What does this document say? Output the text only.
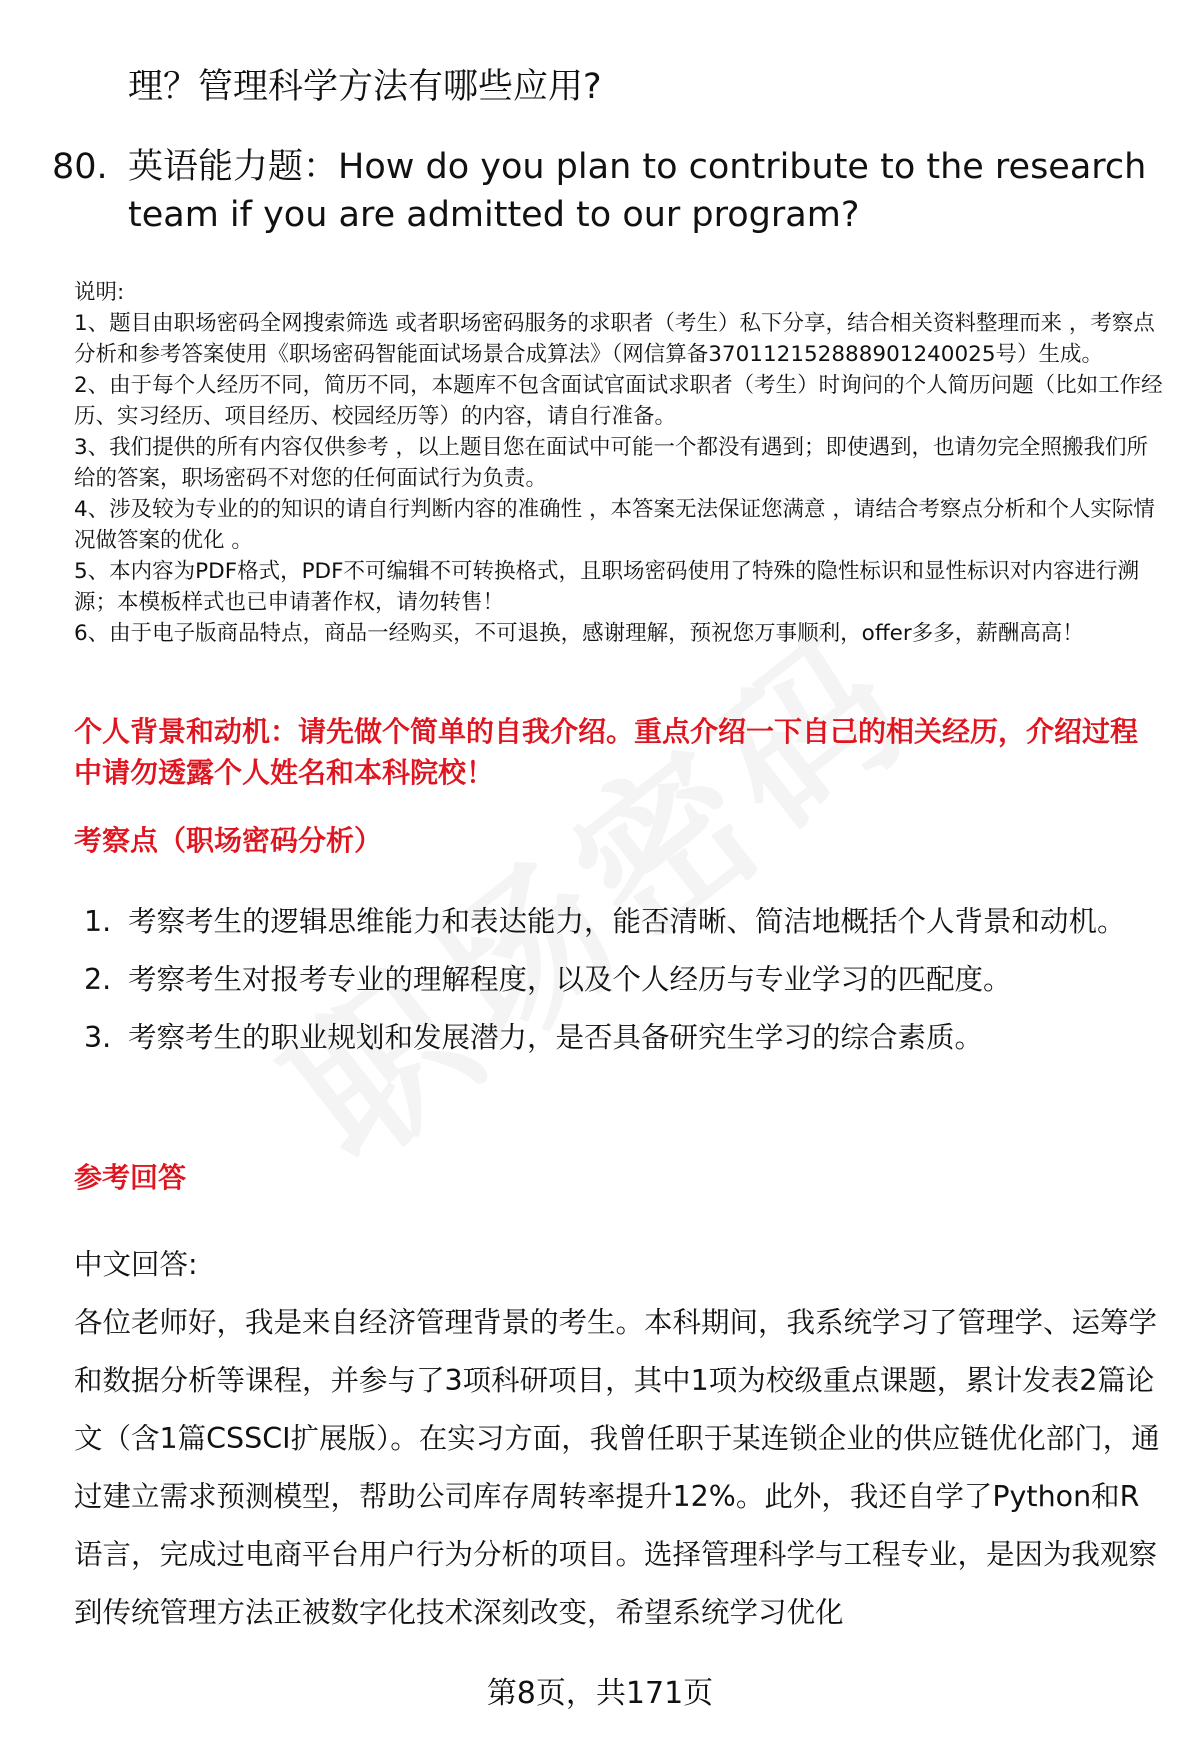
理？管理科学方法有哪些应用?
80. 英语能力题：How do you plan to contribute to the research team if you are admitted to our program?

说明:

1、题目由职场密码全网搜索筛选 或者职场密码服务的求职者（考生）私下分享，结合相关资料整理而来 ，考察点分析和参考答案使用《职场密码智能面试场景合成算法》（网信算备370112152888901240025号）生成。

2、由于每个人经历不同，简历不同，本题库不包含面试官面试求职者（考生）时询问的个人简历问题（比如工作经历、实习经历、项目经历、校园经历等）的内容，请自行准备。

3、我们提供的所有内容仅供参考 ，以上题目您在面试中可能一个都没有遇到；即使遇到，也请勿完全照搬我们所给的答案，职场密码不对您的任何面试行为负责。

4、涉及较为专业的的知识的请自行判断内容的准确性 ，本答案无法保证您满意 ，请结合考察点分析和个人实际情况做答案的优化 。

5、本内容为PDF格式，PDF不可编辑不可转换格式，且职场密码使用了特殊的隐性标识和显性标识对内容进行溯源；本模板样式也已申请著作权，请勿转售！

6、由于电子版商品特点，商品一经购买，不可退换，感谢理解，预祝您万事顺利，offer多多，薪酬高高！

个人背景和动机：请先做个简单的自我介绍。重点介绍一下自己的相关经历，介绍过程中请勿透露个人姓名和本科院校！
考察点（职场密码分析）
1. 考察考生的逻辑思维能力和表达能力，能否清晰、简洁地概括个人背景和动机。
2. 考察考生对报考专业的理解程度，以及个人经历与专业学习的匹配度。
3. 考察考生的职业规划和发展潜力，是否具备研究生学习的综合素质。
参考回答

中文回答:

各位老师好，我是来自经济管理背景的考生。本科期间，我系统学习了管理学、运筹学和数据分析等课程，并参与了3项科研项目，其中1项为校级重点课题，累计发表2篇论文（含1篇CSSCI扩展版）。在实习方面，我曾任职于某连锁企业的供应链优化部门，通过建立需求预测模型，帮助公司库存周转率提升12%。此外，我还自学了Python和R语言，完成过电商平台用户行为分析的项目。选择管理科学与工程专业，是因为我观察到传统管理方法正被数字化技术深刻改变，希望系统学习优化

第8页，共171页
